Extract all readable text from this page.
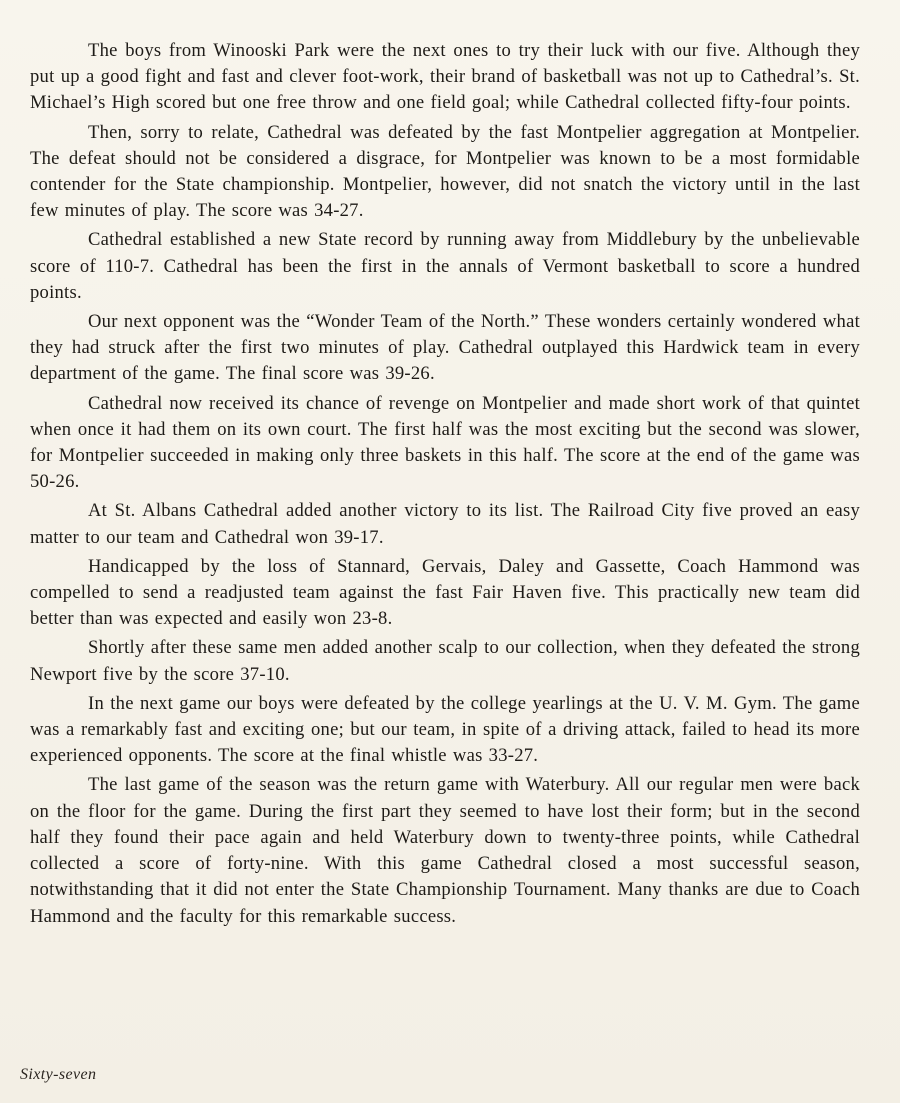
The boys from Winooski Park were the next ones to try their luck with our five. Although they put up a good fight and fast and clever foot-work, their brand of basketball was not up to Cathedral’s. St. Michael’s High scored but one free throw and one field goal; while Cathedral collected fifty-four points.

Then, sorry to relate, Cathedral was defeated by the fast Montpelier aggregation at Montpelier. The defeat should not be considered a disgrace, for Montpelier was known to be a most formidable contender for the State championship. Montpelier, however, did not snatch the victory until in the last few minutes of play. The score was 34-27.

Cathedral established a new State record by running away from Middlebury by the unbelievable score of 110-7. Cathedral has been the first in the annals of Vermont basketball to score a hundred points.

Our next opponent was the “Wonder Team of the North.” These wonders certainly wondered what they had struck after the first two minutes of play. Cathedral outplayed this Hardwick team in every department of the game. The final score was 39-26.

Cathedral now received its chance of revenge on Montpelier and made short work of that quintet when once it had them on its own court. The first half was the most exciting but the second was slower, for Montpelier succeeded in making only three baskets in this half. The score at the end of the game was 50-26.

At St. Albans Cathedral added another victory to its list. The Railroad City five proved an easy matter to our team and Cathedral won 39-17.

Handicapped by the loss of Stannard, Gervais, Daley and Gassette, Coach Hammond was compelled to send a readjusted team against the fast Fair Haven five. This practically new team did better than was expected and easily won 23-8.

Shortly after these same men added another scalp to our collection, when they defeated the strong Newport five by the score 37-10.

In the next game our boys were defeated by the college yearlings at the U. V. M. Gym. The game was a remarkably fast and exciting one; but our team, in spite of a driving attack, failed to head its more experienced opponents. The score at the final whistle was 33-27.

The last game of the season was the return game with Waterbury. All our regular men were back on the floor for the game. During the first part they seemed to have lost their form; but in the second half they found their pace again and held Waterbury down to twenty-three points, while Cathedral collected a score of forty-nine. With this game Cathedral closed a most successful season, notwithstanding that it did not enter the State Championship Tournament. Many thanks are due to Coach Hammond and the faculty for this remarkable success.

Sixty-seven
